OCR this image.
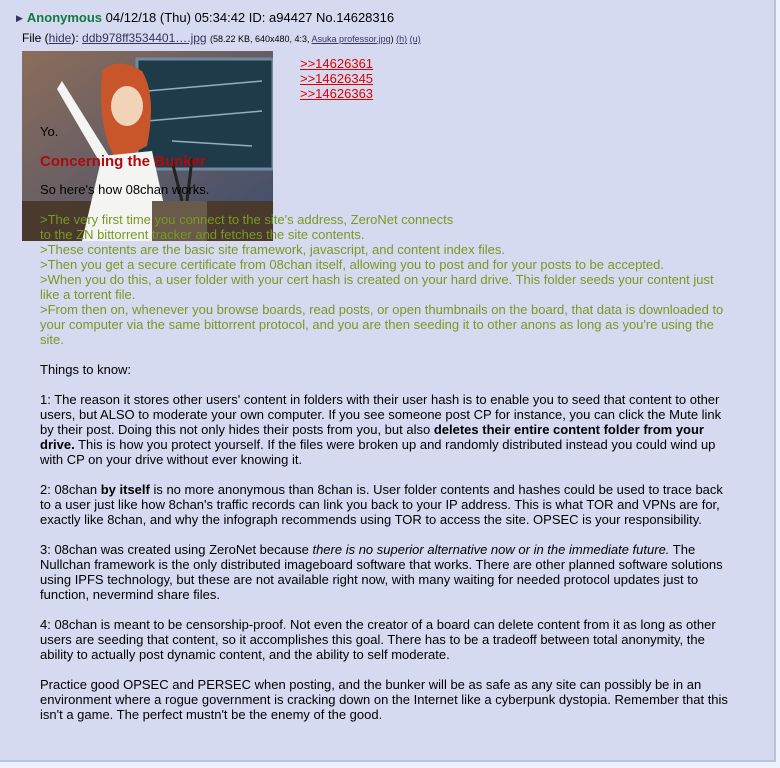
▶ Anonymous 04/12/18 (Thu) 05:34:42 ID: a94427 No.14628316
File (hide): ddb978ff3534401….jpg (58.22 KB, 640x480, 4:3, Asuka professor.jpg) (h) (u)
>>14626361
>>14626345
>>14626363

Yo.

Concerning the Bunker

So here's how 08chan works.

>The very first time you connect to the site's address, ZeroNet connects

to the ZN bittorrent tracker and fetches the site contents.

>These contents are the basic site framework, javascript, and content index files.

>Then you get a secure certificate from 08chan itself, allowing you to post and for your posts to be accepted.

>When you do this, a user folder with your cert hash is created on your hard drive. This folder seeds your content just like a torrent file.

>From then on, whenever you browse boards, read posts, or open thumbnails on the board, that data is downloaded to your computer via the same bittorrent protocol, and you are then seeding it to other anons as long as you're using the site.

Things to know:

1: The reason it stores other users' content in folders with their user hash is to enable you to seed that content to other users, but ALSO to moderate your own computer. If you see someone post CP for instance, you can click the Mute link by their post. Doing this not only hides their posts from you, but also deletes their entire content folder from your drive. This is how you protect yourself. If the files were broken up and randomly distributed instead you could wind up with CP on your drive without ever knowing it.

2: 08chan by itself is no more anonymous than 8chan is. User folder contents and hashes could be used to trace back to a user just like how 8chan's traffic records can link you back to your IP address. This is what TOR and VPNs are for, exactly like 8chan, and why the infograph recommends using TOR to access the site. OPSEC is your responsibility.

3: 08chan was created using ZeroNet because there is no superior alternative now or in the immediate future. The Nullchan framework is the only distributed imageboard software that works. There are other planned software solutions using IPFS technology, but these are not available right now, with many waiting for needed protocol updates just to function, nevermind share files.

4: 08chan is meant to be censorship-proof. Not even the creator of a board can delete content from it as long as other users are seeding that content, so it accomplishes this goal. There has to be a tradeoff between total anonymity, the ability to actually post dynamic content, and the ability to self moderate.

Practice good OPSEC and PERSEC when posting, and the bunker will be as safe as any site can possibly be in an environment where a rogue government is cracking down on the Internet like a cyberpunk dystopia. Remember that this isn't a game. The perfect mustn't be the enemy of the good.
